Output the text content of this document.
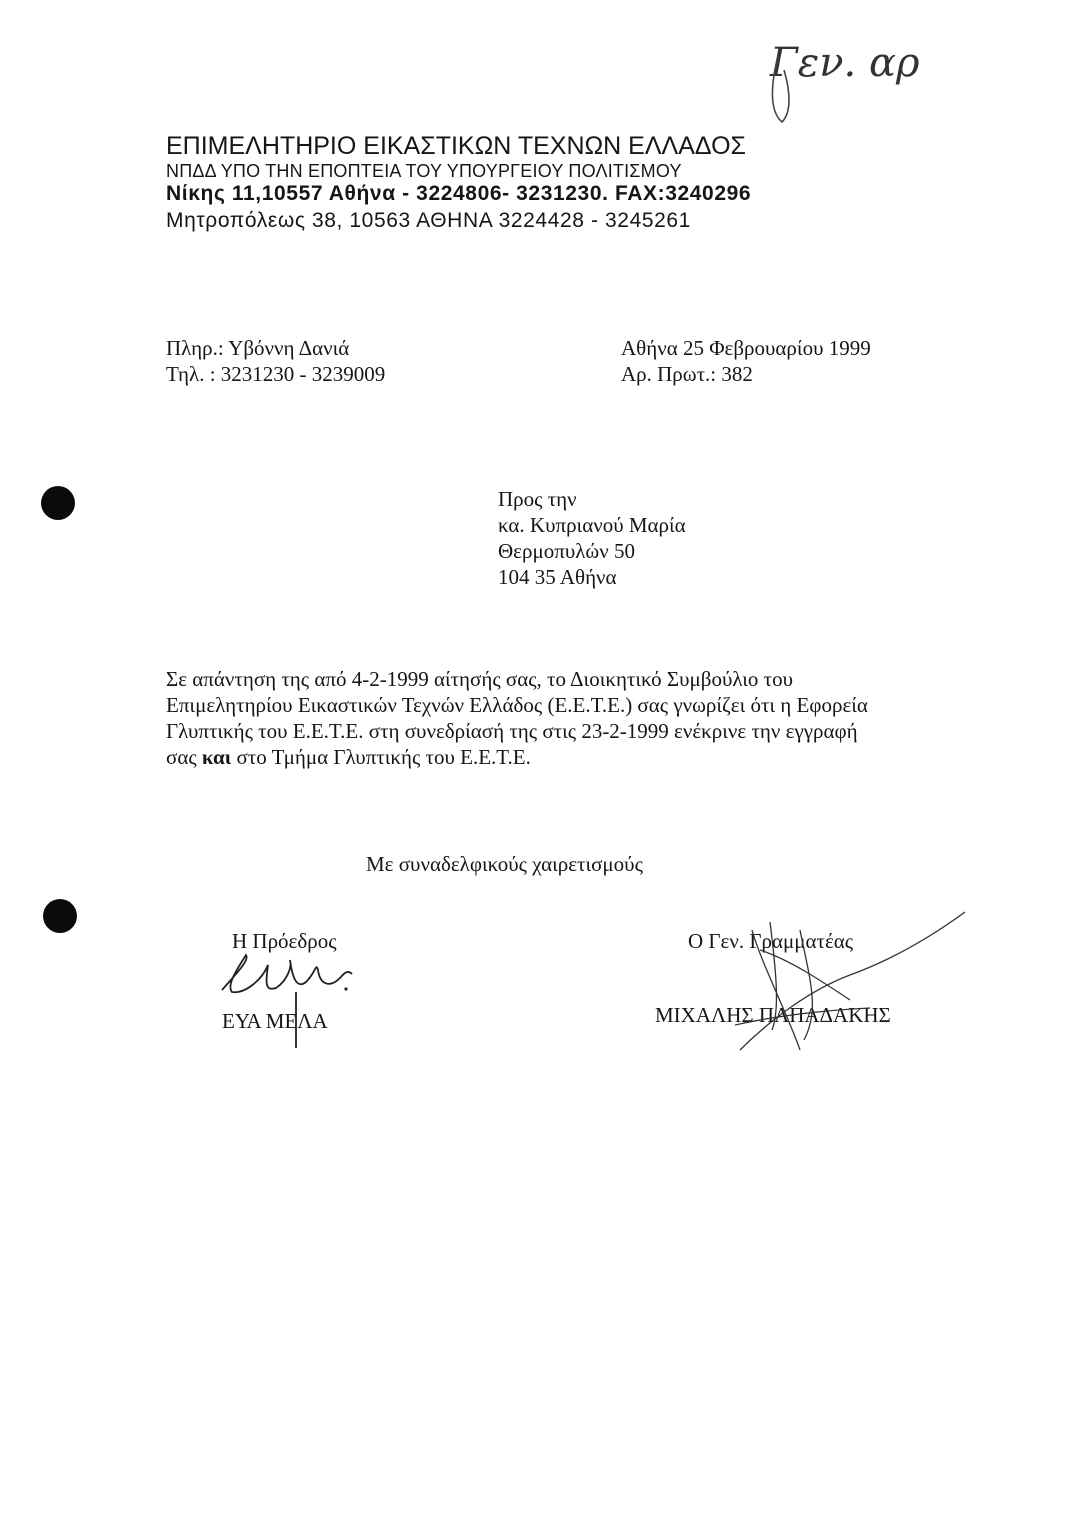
Γεν. αρ
ΕΠΙΜΕΛΗΤΗΡΙΟ ΕΙΚΑΣΤΙΚΩΝ ΤΕΧΝΩΝ ΕΛΛΑΔΟΣ
ΝΠΔΔ ΥΠΟ ΤΗΝ ΕΠΟΠΤΕΙΑ ΤΟΥ ΥΠΟΥΡΓΕΙΟΥ ΠΟΛΙΤΙΣΜΟΥ
Νίκης 11,10557 Αθήνα - 3224806- 3231230. FAX:3240296
Μητροπόλεως 38, 10563 ΑΘΗΝΑ 3224428 - 3245261
Πληρ.: Υβόννη Δανιά
Τηλ. : 3231230 - 3239009
Αθήνα 25 Φεβρουαρίου 1999
Αρ. Πρωτ.: 382
Προς την
κα. Κυπριανού Μαρία
Θερμοπυλών 50
104 35 Αθήνα
Σε απάντηση της από 4-2-1999 αίτησής σας, το Διοικητικό Συμβούλιο του
Επιμελητηρίου Εικαστικών Τεχνών Ελλάδος (Ε.Ε.Τ.Ε.) σας γνωρίζει ότι η Εφορεία
Γλυπτικής του Ε.Ε.Τ.Ε. στη συνεδρίασή της στις 23-2-1999 ενέκρινε την εγγραφή
σας και στο Τμήμα Γλυπτικής του Ε.Ε.Τ.Ε.
Με συναδελφικούς χαιρετισμούς
Η Πρόεδρος
ΕΥΑ ΜΕΛΑ
Ο Γεν. Γραμματέας
ΜΙΧΑΛΗΣ ΠΑΠΑΔΑΚΗΣ
